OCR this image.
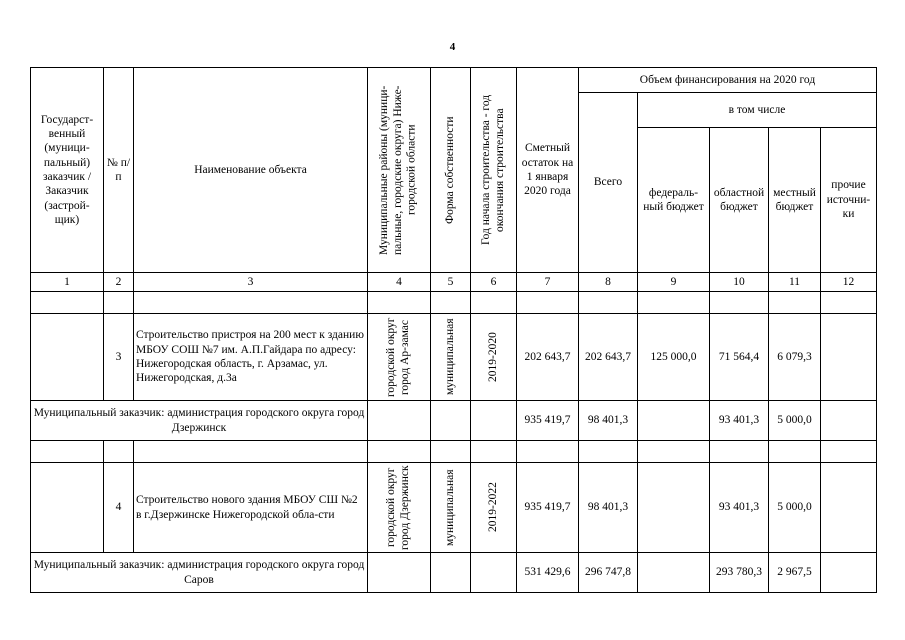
4
Государст-венный (муници-пальный) заказчик / Заказчик (застрой-щик)	№ п/п	Наименование объекта	Муниципальные районы (муници-пальные, городские округа) Ниже-городской области	Форма собственности	Год начала строительства - год окончания строительства	Сметный остаток на 1 января 2020 года	Объем финансирования на 2020 год				
							Всего	в том числе			
								федераль-ный бюджет	областной бюджет	местный бюджет	прочие источни-ки
1	2	3	4	5	6	7	8	9	10	11	12

	3	Строительство пристроя на 200 мест к зданию МБОУ СОШ №7 им. А.П.Гайдара по адресу: Нижегородская область, г. Арзамас, ул. Нижегородская, д.3а	городской округ город Ар-замас	муниципальная	2019-2020	202 643,7	202 643,7	125 000,0	71 564,4	6 079,3	
Муниципальный заказчик: администрация городского округа город Дзержинск						935 419,7	98 401,3		93 401,3	5 000,0	

	4	Строительство нового здания МБОУ СШ №2 в г.Дзержинске Нижегородской обла-сти	городской округ город Дзержинск	муниципальная	2019-2022	935 419,7	98 401,3		93 401,3	5 000,0	
Муниципальный заказчик: администрация городского округа город Саров						531 429,6	296 747,8		293 780,3	2 967,5	
